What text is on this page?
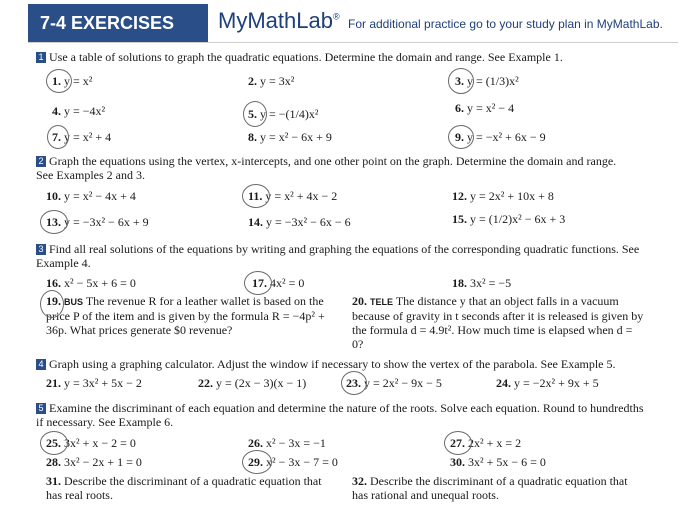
7-4 EXERCISES	MyMathLab®
For additional practice go to your study plan in MyMathLab.
1 Use a table of solutions to graph the quadratic equations. Determine the domain and range. See Example 1.
1. y = x²	2. y = 3x²	3. y = (1/3)x²
4. y = −4x²	5. y = −(1/4)x²	6. y = x² − 4
7. y = x² + 4	8. y = x² − 6x + 9	9. y = −x² + 6x − 9
2 Graph the equations using the vertex, x-intercepts, and one other point on the graph. Determine the domain and range. See Examples 2 and 3.
10. y = x² − 4x + 4	11. y = x² + 4x − 2	12. y = 2x² + 10x + 8
13. y = −3x² − 6x + 9	14. y = −3x² − 6x − 6	15. y = (1/2)x² − 6x + 3
3 Find all real solutions of the equations by writing and graphing the equations of the corresponding quadratic functions. See Example 4.
16. x² − 5x + 6 = 0	17. 4x² = 0	18. 3x² = −5
19. BUS The revenue R for a leather wallet is based on the price P of the item and is given by the formula R = −4p² + 36p. What prices generate $0 revenue?
20. TELE The distance y that an object falls in a vacuum because of gravity in t seconds after it is released is given by the formula d = 4.9t². How much time is elapsed when d = 0?
4 Graph using a graphing calculator. Adjust the window if necessary to show the vertex of the parabola. See Example 5.
21. y = 3x² + 5x − 2	22. y = (2x − 3)(x − 1)	23. y = 2x² − 9x − 5	24. y = −2x² + 9x + 5
5 Examine the discriminant of each equation and determine the nature of the roots. Solve each equation. Round to hundredths if necessary. See Example 6.
25. 3x² + x − 2 = 0	26. x² − 3x = −1	27. 2x² + x = 2
28. 3x² − 2x + 1 = 0	29. x² − 3x − 7 = 0	30. 3x² + 5x − 6 = 0
31. Describe the discriminant of a quadratic equation that has real roots.
32. Describe the discriminant of a quadratic equation that has rational and unequal roots.
